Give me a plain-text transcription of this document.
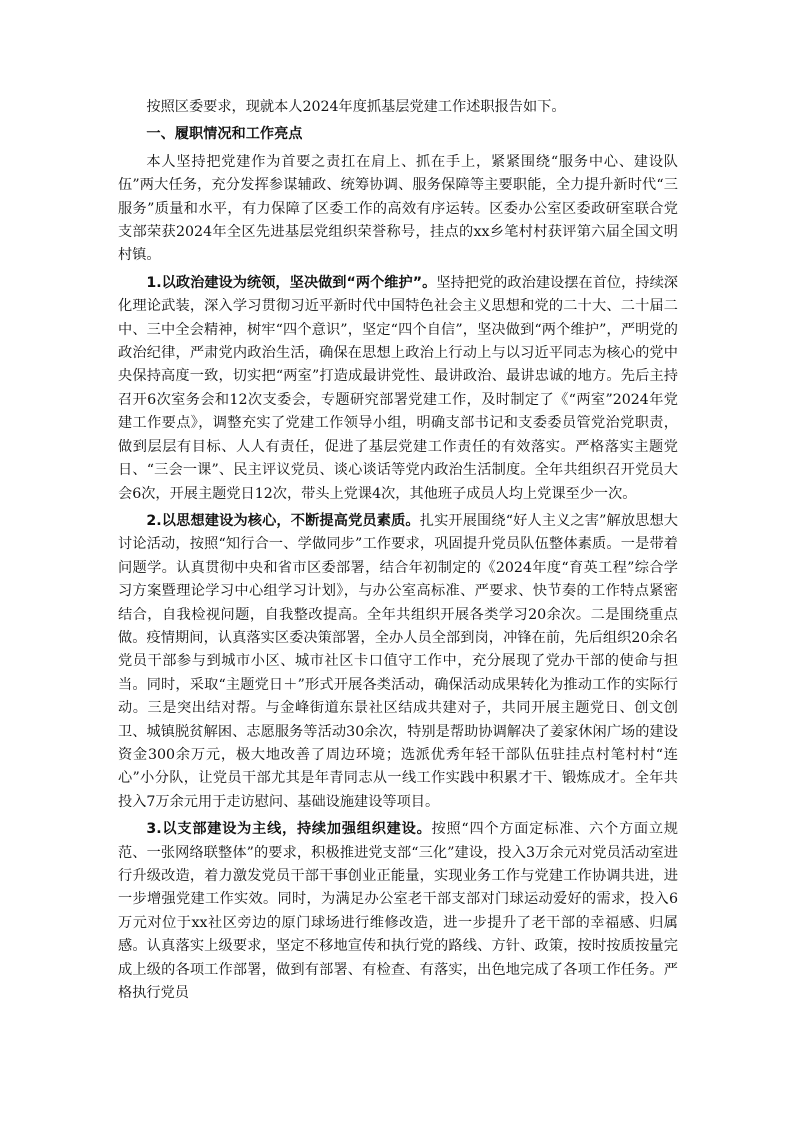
按照区委要求，现就本人2024年度抓基层党建工作述职报告如下。

一、履职情况和工作亮点

本人坚持把党建作为首要之责扛在肩上、抓在手上，紧紧围绕“服务中心、建设队伍”两大任务，充分发挥参谋辅政、统筹协调、服务保障等主要职能，全力提升新时代“三服务”质量和水平，有力保障了区委工作的高效有序运转。区委办公室区委政研室联合党支部荣获2024年全区先进基层党组织荣誉称号，挂点的xx乡笔村村获评第六届全国文明村镇。

1.以政治建设为统领，坚决做到“两个维护”。坚持把党的政治建设摆在首位，持续深化理论武装，深入学习贯彻习近平新时代中国特色社会主义思想和党的二十大、二十届二中、三中全会精神，树牢“四个意识”，坚定“四个自信”，坚决做到“两个维护”，严明党的政治纪律，严肃党内政治生活，确保在思想上政治上行动上与以习近平同志为核心的党中央保持高度一致，切实把“两室”打造成最讲党性、最讲政治、最讲忠诚的地方。先后主持召开6次室务会和12次支委会，专题研究部署党建工作，及时制定了《“两室”2024年党建工作要点》，调整充实了党建工作领导小组，明确支部书记和支委委员管党治党职责，做到层层有目标、人人有责任，促进了基层党建工作责任的有效落实。严格落实主题党日、“三会一课”、民主评议党员、谈心谈话等党内政治生活制度。全年共组织召开党员大会6次，开展主题党日12次，带头上党课4次，其他班子成员人均上党课至少一次。

2.以思想建设为核心，不断提高党员素质。扎实开展围绕“好人主义之害”解放思想大讨论活动，按照“知行合一、学做同步”工作要求，巩固提升党员队伍整体素质。一是带着问题学。认真贯彻中央和省市区委部署，结合年初制定的《2024年度“育英工程”综合学习方案暨理论学习中心组学习计划》，与办公室高标准、严要求、快节奏的工作特点紧密结合，自我检视问题，自我整改提高。全年共组织开展各类学习20余次。二是围绕重点做。疫情期间，认真落实区委决策部署，全办人员全部到岗，冲锋在前，先后组织20余名党员干部参与到城市小区、城市社区卡口值守工作中，充分展现了党办干部的使命与担当。同时，采取“主题党日＋”形式开展各类活动，确保活动成果转化为推动工作的实际行动。三是突出结对帮。与金峰街道东景社区结成共建对子，共同开展主题党日、创文创卫、城镇脱贫解困、志愿服务等活动30余次，特别是帮助协调解决了姜家休闲广场的建设资金300余万元，极大地改善了周边环境；选派优秀年轻干部队伍驻挂点村笔村村“连心”小分队，让党员干部尤其是年青同志从一线工作实践中积累才干、锻炼成才。全年共投入7万余元用于走访慰问、基础设施建设等项目。

3.以支部建设为主线，持续加强组织建设。按照“四个方面定标准、六个方面立规范、一张网络联整体”的要求，积极推进党支部“三化”建设，投入3万余元对党员活动室进行升级改造，着力激发党员干部干事创业正能量，实现业务工作与党建工作协调共进，进一步增强党建工作实效。同时，为满足办公室老干部支部对门球运动爱好的需求，投入6万元对位于xx社区旁边的原门球场进行维修改造，进一步提升了老干部的幸福感、归属感。认真落实上级要求，坚定不移地宣传和执行党的路线、方针、政策，按时按质按量完成上级的各项工作部署，做到有部署、有检查、有落实，出色地完成了各项工作任务。严格执行党员
